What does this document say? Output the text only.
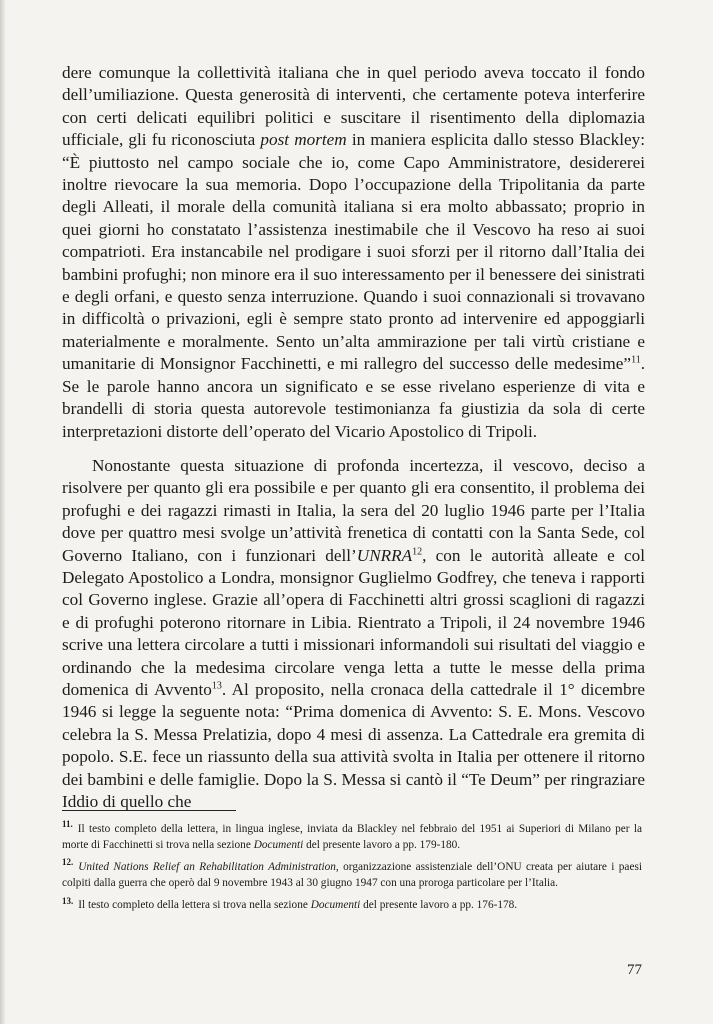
dere comunque la collettività italiana che in quel periodo aveva toccato il fondo dell’umiliazione. Questa generosità di interventi, che certamente poteva interferire con certi delicati equilibri politici e suscitare il risentimento della diplomazia ufficiale, gli fu riconosciuta post mortem in maniera esplicita dallo stesso Blackley: “È piuttosto nel campo sociale che io, come Capo Amministratore, desidererei inoltre rievocare la sua memoria. Dopo l’occupazione della Tripolitania da parte degli Alleati, il morale della comunità italiana si era molto abbassato; proprio in quei giorni ho constatato l’assistenza inestimabile che il Vescovo ha reso ai suoi compatrioti. Era instancabile nel prodigare i suoi sforzi per il ritorno dall’Italia dei bambini profughi; non minore era il suo interessamento per il benessere dei sinistrati e degli orfani, e questo senza interruzione. Quando i suoi connazionali si trovavano in difficoltà o privazioni, egli è sempre stato pronto ad intervenire ed appoggiarli materialmente e moralmente. Sento un’alta ammirazione per tali virtù cristiane e umanitarie di Monsignor Facchinetti, e mi rallegro del successo delle medesime”$^{11}$. Se le parole hanno ancora un significato e se esse rivelano esperienze di vita e brandelli di storia questa autorevole testimonianza fa giustizia da sola di certe interpretazioni distorte dell’operato del Vicario Apostolico di Tripoli.

Nonostante questa situazione di profonda incertezza, il vescovo, deciso a risolvere per quanto gli era possibile e per quanto gli era consentito, il problema dei profughi e dei ragazzi rimasti in Italia, la sera del 20 luglio 1946 parte per l’Italia dove per quattro mesi svolge un’attività frenetica di contatti con la Santa Sede, col Governo Italiano, con i funzionari dell’UNRRA$^{12}$, con le autorità alleate e col Delegato Apostolico a Londra, monsignor Guglielmo Godfrey, che teneva i rapporti col Governo inglese. Grazie all’opera di Facchinetti altri grossi scaglioni di ragazzi e di profughi poterono ritornare in Libia. Rientrato a Tripoli, il 24 novembre 1946 scrive una lettera circolare a tutti i missionari informandoli sui risultati del viaggio e ordinando che la medesima circolare venga letta a tutte le messe della prima domenica di Avvento$^{13}$. Al proposito, nella cronaca della cattedrale il 1° dicembre 1946 si legge la seguente nota: “Prima domenica di Avvento: S. E. Mons. Vescovo celebra la S. Messa Prelatizia, dopo 4 mesi di assenza. La Cattedrale era gremita di popolo. S.E. fece un riassunto della sua attività svolta in Italia per ottenere il ritorno dei bambini e delle famiglie. Dopo la S. Messa si cantò il “Te Deum” per ringraziare Iddio di quello che

$^{11.}$ Il testo completo della lettera, in lingua inglese, inviata da Blackley nel febbraio del 1951 ai Superiori di Milano per la morte di Facchinetti si trova nella sezione Documenti del presente lavoro a pp. 179-180.

$^{12.}$ United Nations Relief an Rehabilitation Administration, organizzazione assistenziale dell’ONU creata per aiutare i paesi colpiti dalla guerra che operò dal 9 novembre 1943 al 30 giugno 1947 con una proroga particolare per l’Italia.

$^{13.}$ Il testo completo della lettera si trova nella sezione Documenti del presente lavoro a pp. 176-178.

77
